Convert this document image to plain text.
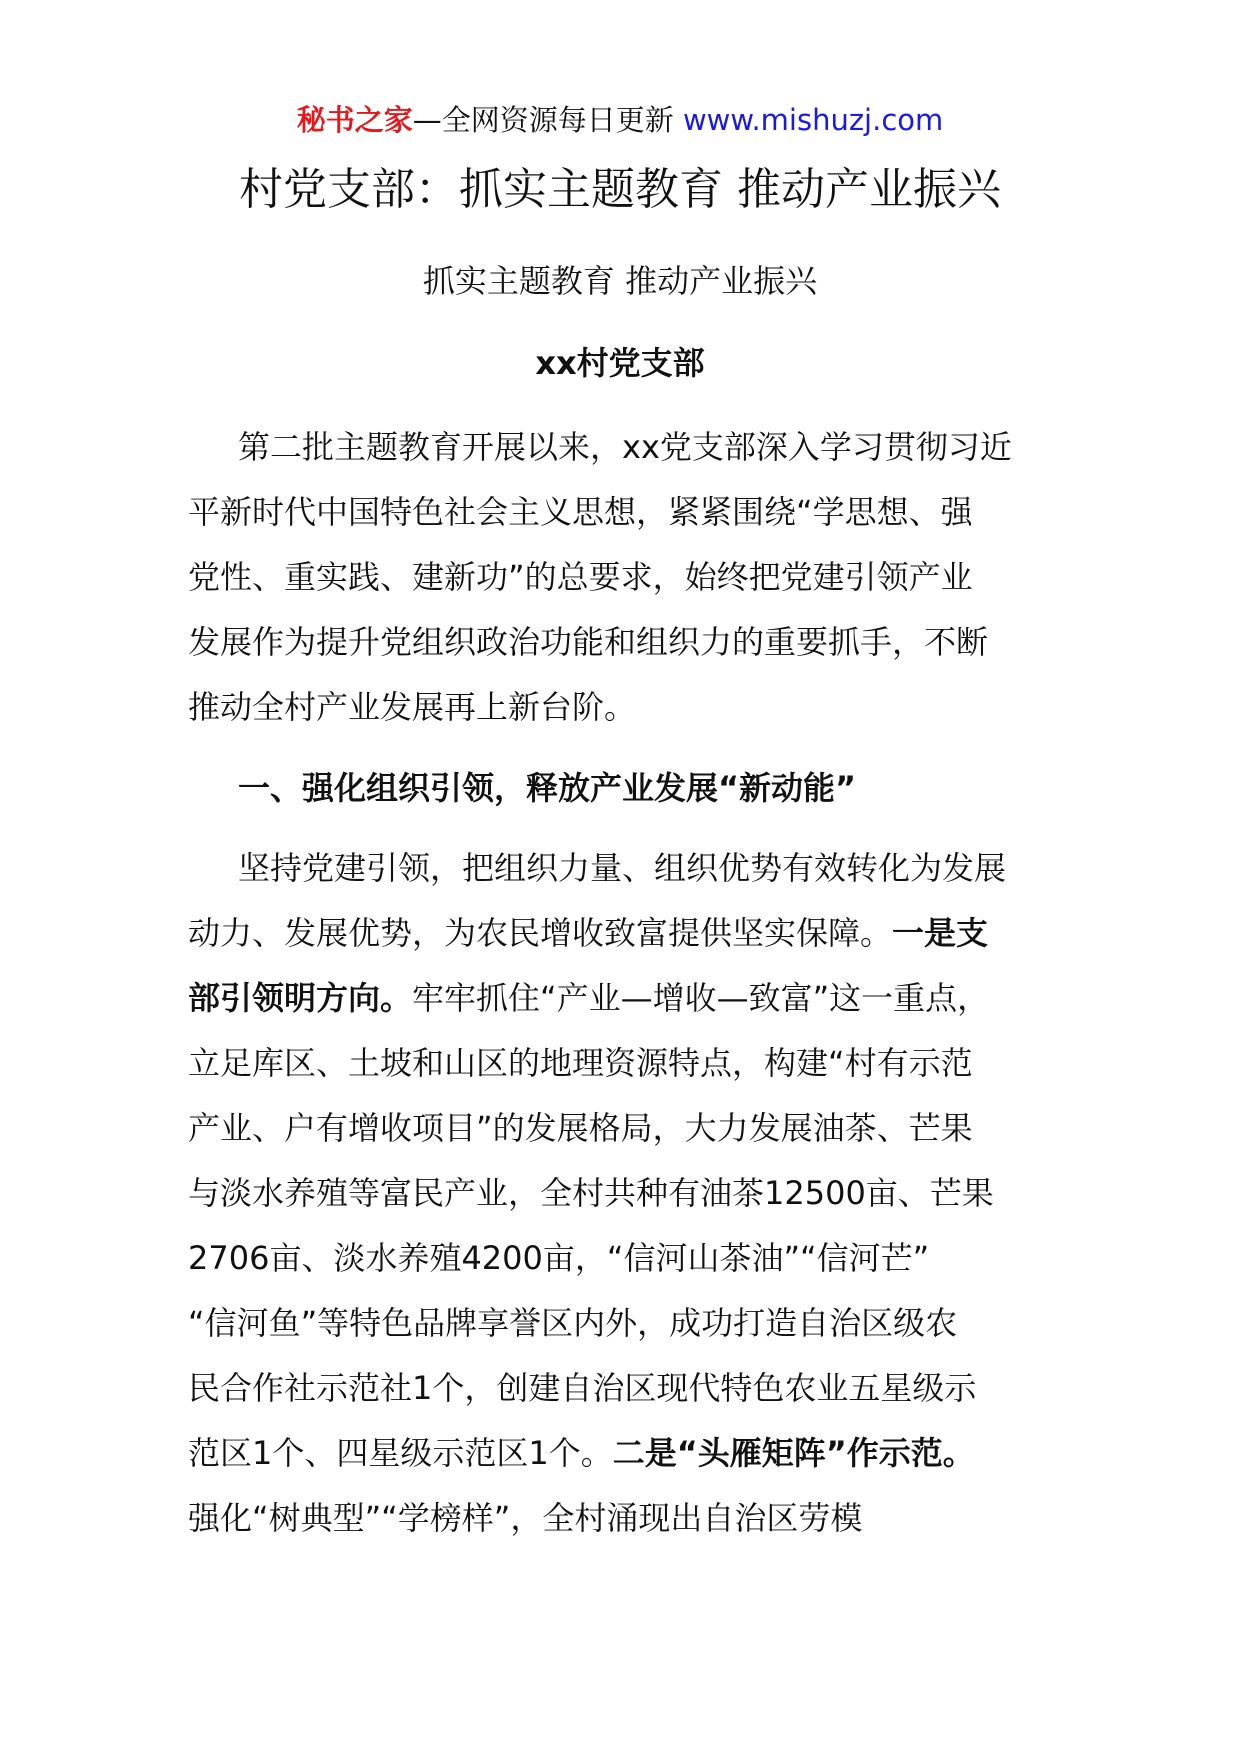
秘书之家—全网资源每日更新 www.mishuzj.com
村党支部：抓实主题教育 推动产业振兴
抓实主题教育 推动产业振兴
xx村党支部
第二批主题教育开展以来，xx党支部深入学习贯彻习近
平新时代中国特色社会主义思想，紧紧围绕“学思想、强
党性、重实践、建新功”的总要求，始终把党建引领产业
发展作为提升党组织政治功能和组织力的重要抓手，不断
推动全村产业发展再上新台阶。
一、强化组织引领，释放产业发展“新动能”
坚持党建引领，把组织力量、组织优势有效转化为发展
动力、发展优势，为农民增收致富提供坚实保障。一是支
部引领明方向。牢牢抓住“产业—增收—致富”这一重点，
立足库区、土坡和山区的地理资源特点，构建“村有示范
产业、户有增收项目”的发展格局，大力发展油茶、芒果
与淡水养殖等富民产业，全村共种有油茶12500亩、芒果
2706亩、淡水养殖4200亩，“信河山茶油”“信河芒”
“信河鱼”等特色品牌享誉区内外，成功打造自治区级农
民合作社示范社1个，创建自治区现代特色农业五星级示
范区1个、四星级示范区1个。二是“头雁矩阵”作示范。
强化“树典型”“学榜样”，全村涌现出自治区劳模
